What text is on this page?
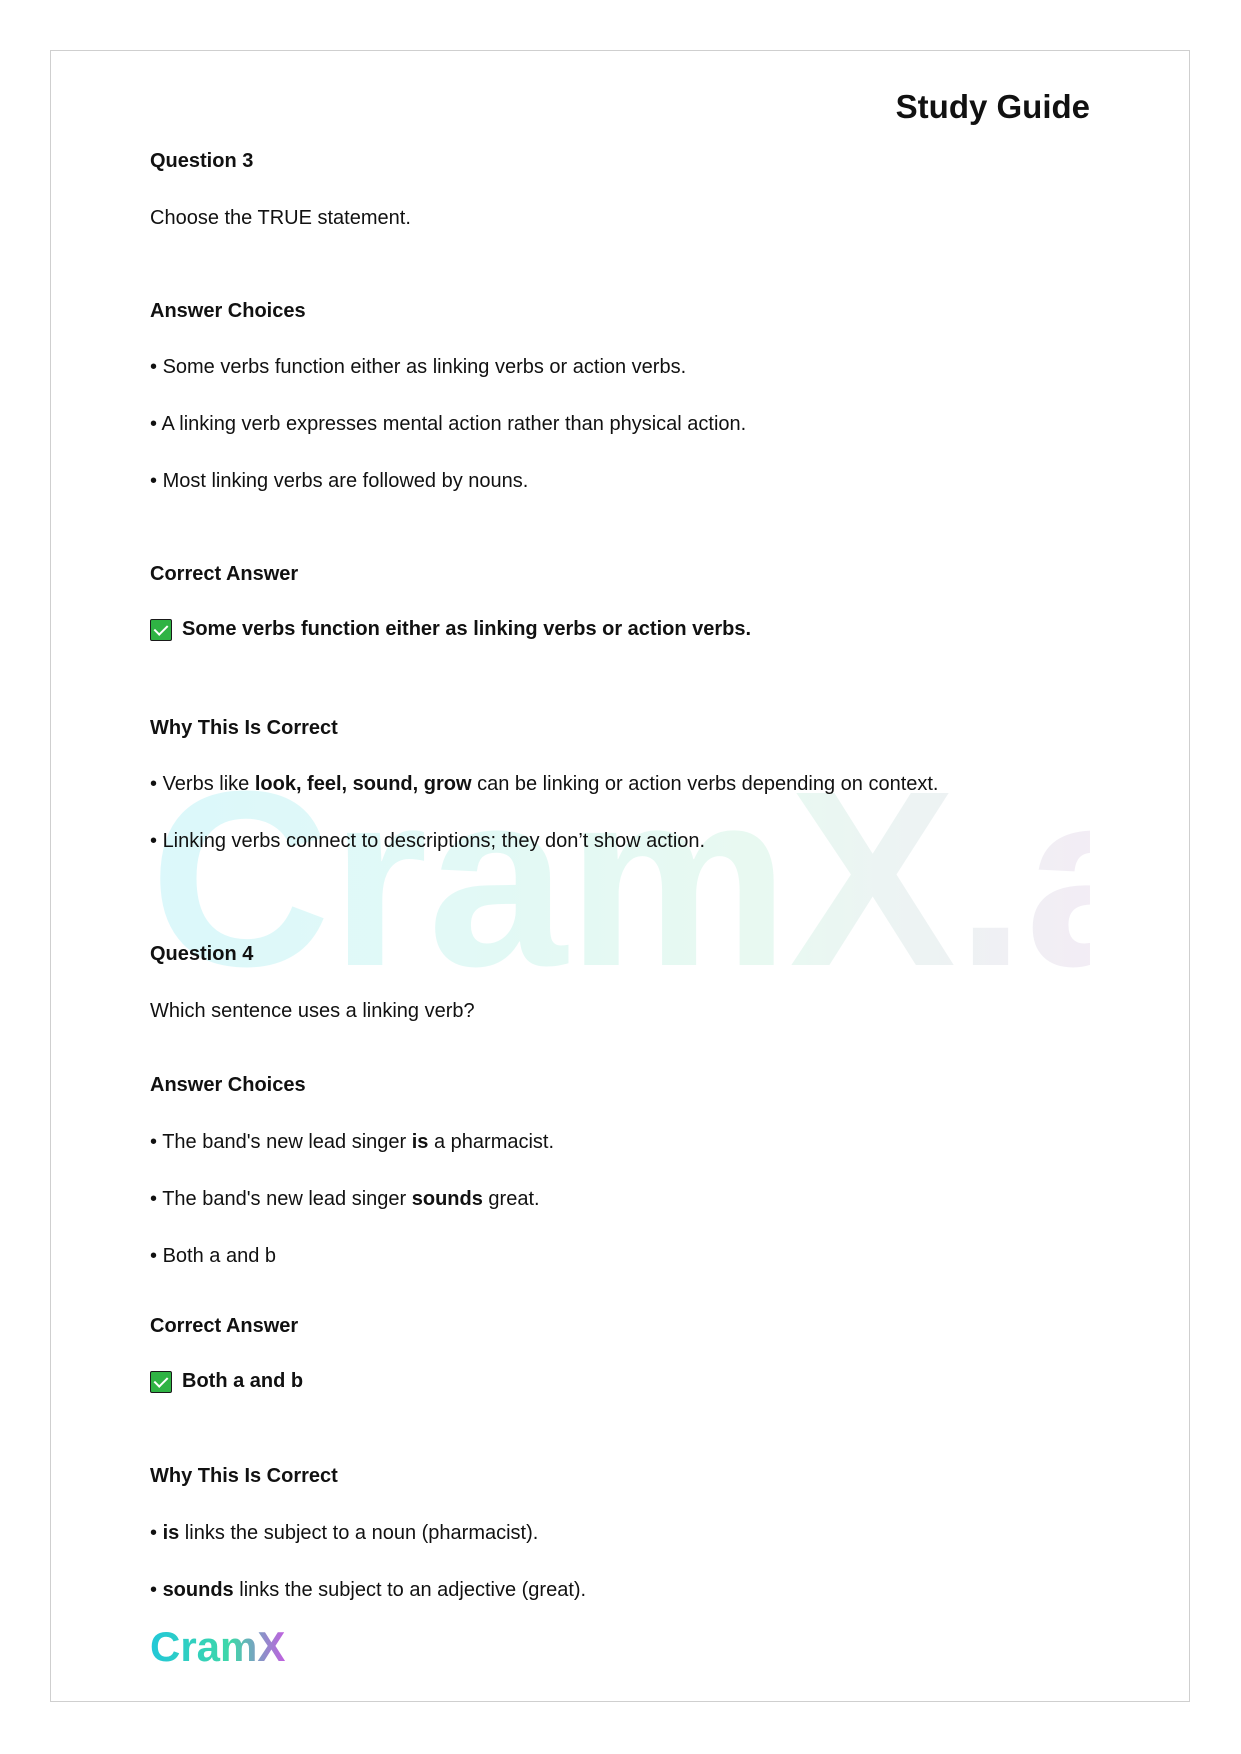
CramX.
Study Guide

Question 3

Choose the TRUE statement.

Answer Choices

• Some verbs function either as linking verbs or action verbs.

• A linking verb expresses mental action rather than physical action.

• Most linking verbs are followed by nouns.

Correct Answer

Some verbs function either as linking verbs or action verbs.

Why This Is Correct

• Verbs like look, feel, sound, grow can be linking or action verbs depending on context.

• Linking verbs connect to descriptions; they don’t show action.

Question 4

Which sentence uses a linking verb?

Answer Choices

• The band's new lead singer is a pharmacist.

• The band's new lead singer sounds great.

• Both a and b

Correct Answer

Both a and b

Why This Is Correct

• is links the subject to a noun (pharmacist).

• sounds links the subject to an adjective (great).

CramX
